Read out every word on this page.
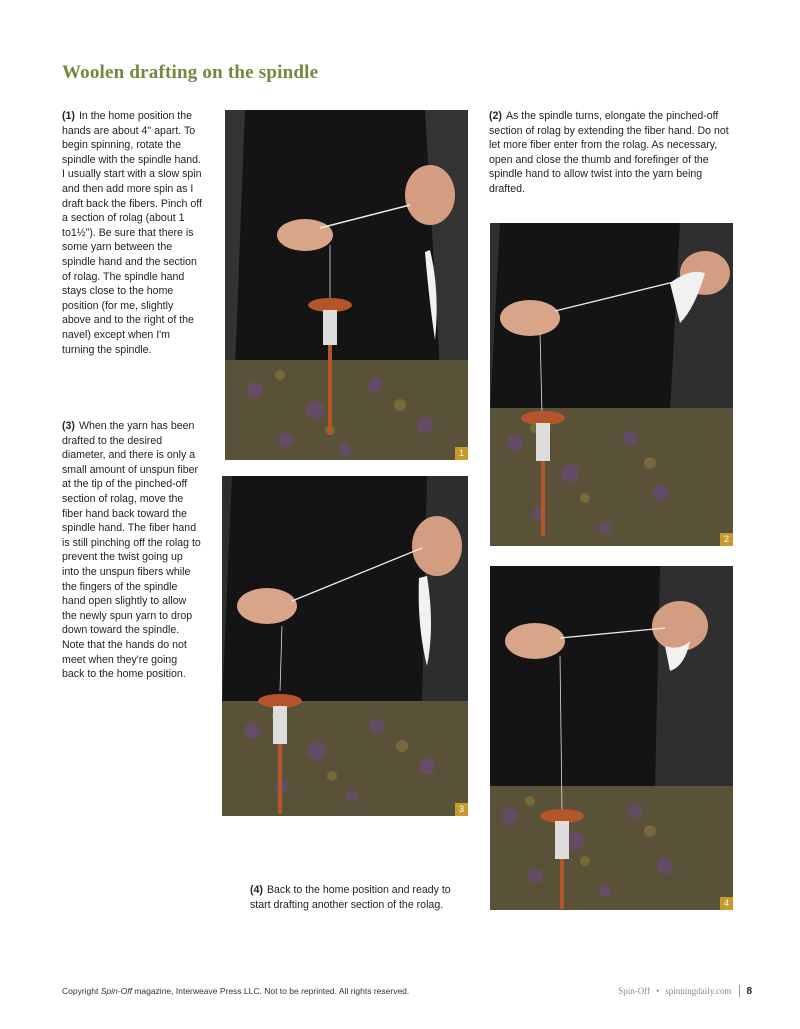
Woolen drafting on the spindle
(1) In the home position the hands are about 4" apart. To begin spinning, rotate the spindle with the spindle hand. I usually start with a slow spin and then add more spin as I draft back the fibers. Pinch off a section of rolag (about 1 to1½"). Be sure that there is some yarn between the spindle hand and the section of rolag. The spindle hand stays close to the home position (for me, slightly above and to the right of the navel) except when I'm turning the spindle.
(2) As the spindle turns, elongate the pinched-off section of rolag by extending the fiber hand. Do not let more fiber enter from the rolag. As necessary, open and close the thumb and forefinger of the spindle hand to allow twist into the yarn being drafted.
(3) When the yarn has been drafted to the desired diameter, and there is only a small amount of unspun fiber at the tip of the pinched-off section of rolag, move the fiber hand back toward the spindle hand. The fiber hand is still pinching off the rolag to prevent the twist going up into the unspun fibers while the fingers of the spindle hand open slightly to allow the newly spun yarn to drop down toward the spindle. Note that the hands do not meet when they're going back to the home position.
(4) Back to the home position and ready to start drafting another section of the rolag.
1
2
3
4
Copyright Spin-Off magazine, Interweave Press LLC. Not to be reprinted. All rights reserved.	Spin-Off • spinningdaily.com 8
